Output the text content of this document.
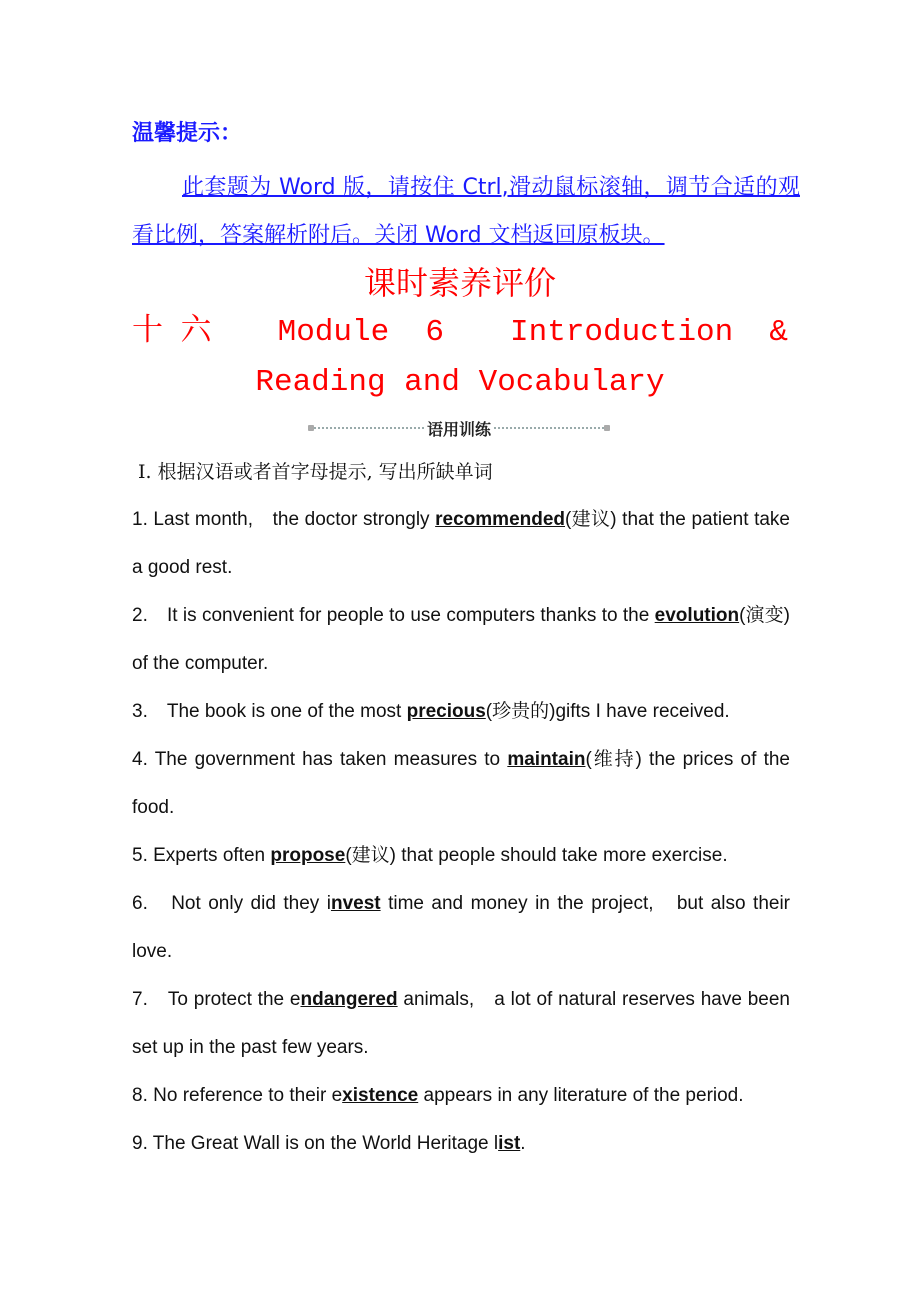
温馨提示：
此套题为 Word 版，请按住 Ctrl,滑动鼠标滚轴，调节合适的观看比例，答案解析附后。关闭 Word 文档返回原板块。
课时素养评价
十六　Module 6　Introduction & Reading and Vocabulary
语用训练
Ⅰ. 根据汉语或者首字母提示, 写出所缺单词

1. Last month,　the doctor strongly recommended(建议) that the patient take a good rest.

2.　It is convenient for people to use computers thanks to the evolution(演变) of the computer.

3.　The book is one of the most precious(珍贵的)gifts I have received.

4. The government has taken measures to maintain(维持) the prices of the food.

5. Experts often propose(建议) that people should take more exercise.

6.　Not only did they invest time and money in the project,　but also their love.

7.　To protect the endangered animals,　a lot of natural reserves have been set up in the past few years.

8. No reference to their existence appears in any literature of the period.

9. The Great Wall is on the World Heritage list.
